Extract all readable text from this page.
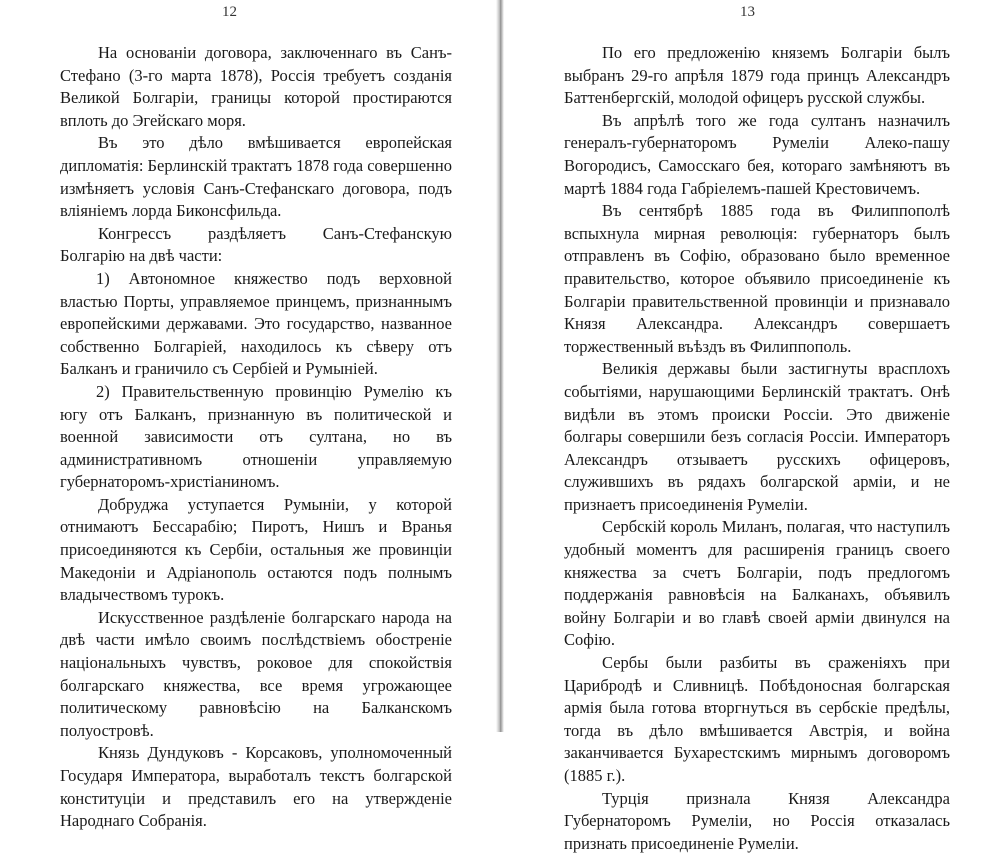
12

На основаніи договора, заключеннаго въ Санъ-Стефано (3-го марта 1878), Россія требуетъ созданія Великой Болгаріи, границы которой простираются вплоть до Эгейскаго моря.

Въ это дѣло вмѣшивается европейская дипломатія: Берлинскій трактатъ 1878 года совершенно измѣняетъ условія Санъ-Стефанскаго договора, подъ вліяніемъ лорда Биконсфильда.

Конгрессъ раздѣляетъ Санъ-Стефанскую Болгарію на двѣ части:

1) Автономное княжество подъ верховной властью Порты, управляемое принцемъ, признаннымъ европейскими державами. Это государство, названное собственно Болгаріей, находилось къ сѣверу отъ Балканъ и граничило съ Сербіей и Румыніей.

2) Правительственную провинцію Румелію къ югу отъ Балканъ, признанную въ политической и военной зависимости отъ султана, но въ административномъ отношеніи управляемую губернаторомъ-христіаниномъ.

Добруджа уступается Румыніи, у которой отнимаютъ Бессарабію; Пиротъ, Нишъ и Вранья присоединяются къ Сербіи, остальныя же провинціи Македоніи и Адріанополь остаются подъ полнымъ владычествомъ турокъ.

Искусственное раздѣленіе болгарскаго народа на двѣ части имѣло своимъ послѣдствіемъ обостреніе національныхъ чувствъ, роковое для спокойствія болгарскаго княжества, все время угрожающее политическому равновѣсію на Балканскомъ полуостровѣ.

Князь Дундуковъ - Корсаковъ, уполномоченный Государя Императора, выработалъ текстъ болгарской конституціи и представилъ его на утвержденіе Народнаго Собранія.

13

По его предложенію княземъ Болгаріи былъ выбранъ 29-го апрѣля 1879 года принцъ Александръ Баттенбергскій, молодой офицеръ русской службы.

Въ апрѣлѣ того же года султанъ назначилъ генералъ-губернаторомъ Румеліи Алеко-пашу Вогородисъ, Самосскаго бея, котораго замѣняютъ въ мартѣ 1884 года Габріелемъ-пашей Крестовичемъ.

Въ сентябрѣ 1885 года въ Филиппополѣ вспыхнула мирная революція: губернаторъ былъ отправленъ въ Софію, образовано было временное правительство, которое объявило присоединеніе къ Болгаріи правительственной провинціи и признавало Князя Александра. Александръ совершаетъ торжественный въѣздъ въ Филиппополь.

Великія державы были застигнуты врасплохъ событіями, нарушающими Берлинскій трактатъ. Онѣ видѣли въ этомъ происки Россіи. Это движеніе болгары совершили безъ согласія Россіи. Императоръ Александръ отзываетъ русскихъ офицеровъ, служившихъ въ рядахъ болгарской арміи, и не признаетъ присоединенія Румеліи.

Сербскій король Миланъ, полагая, что наступилъ удобный моментъ для расширенія границъ своего княжества за счетъ Болгаріи, подъ предлогомъ поддержанія равновѣсія на Балканахъ, объявилъ войну Болгаріи и во главѣ своей арміи двинулся на Софію.

Сербы были разбиты въ сраженіяхъ при Царибродѣ и Сливницѣ. Побѣдоносная болгарская армія была готова вторгнуться въ сербскіе предѣлы, тогда въ дѣло вмѣшивается Австрія, и война заканчивается Бухарестскимъ мирнымъ договоромъ (1885 г.).

Турція признала Князя Александра Губернаторомъ Румеліи, но Россія отказалась признать присоединеніе Румеліи.
